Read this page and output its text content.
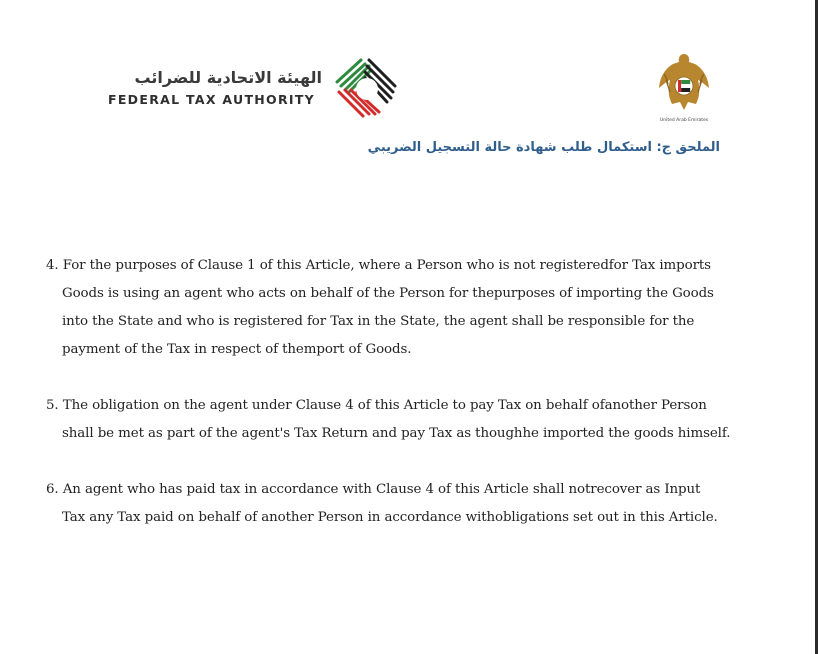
الهيئة الاتحادية للضرائب
FEDERAL TAX AUTHORITY
United Arab Emirates
الملحق ج: استكمال طلب شهادة حالة التسجيل الضريبي
4. For the purposes of Clause 1 of this Article, where a Person who is not registeredfor Tax imports
Goods is using an agent who acts on behalf of the Person for thepurposes of importing the Goods
into the State and who is registered for Tax in the State, the agent shall be responsible for the
payment of the Tax in respect of themport of Goods.
5. The obligation on the agent under Clause 4 of this Article to pay Tax on behalf ofanother Person
shall be met as part of the agent's Tax Return and pay Tax as thoughhe imported the goods himself.
6. An agent who has paid tax in accordance with Clause 4 of this Article shall notrecover as Input
Tax any Tax paid on behalf of another Person in accordance withobligations set out in this Article.
